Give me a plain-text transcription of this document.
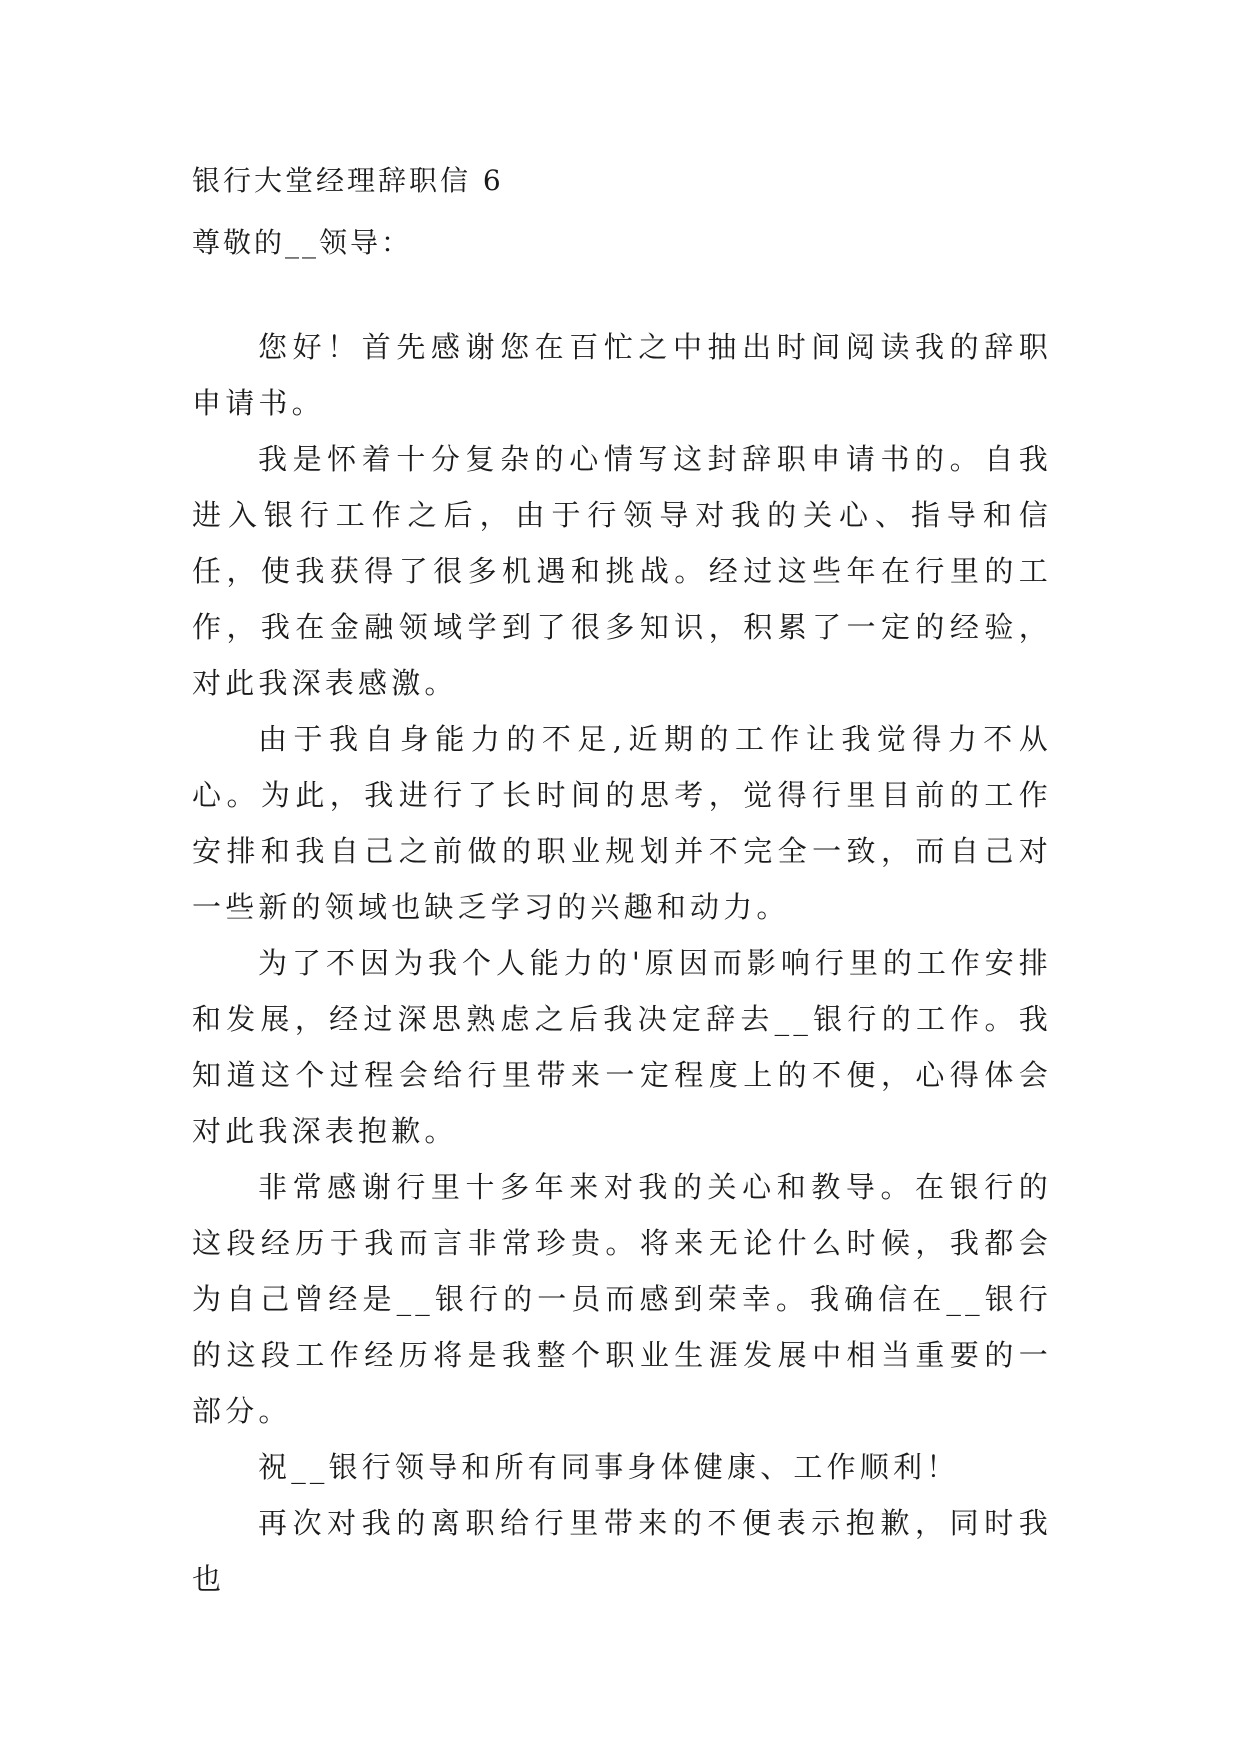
银行大堂经理辞职信 6
尊敬的__领导：

您好！首先感谢您在百忙之中抽出时间阅读我的辞职申请书。

我是怀着十分复杂的心情写这封辞职申请书的。自我进入银行工作之后，由于行领导对我的关心、指导和信任，使我获得了很多机遇和挑战。经过这些年在行里的工作，我在金融领域学到了很多知识，积累了一定的经验，对此我深表感激。

由于我自身能力的不足,近期的工作让我觉得力不从心。为此，我进行了长时间的思考，觉得行里目前的工作安排和我自己之前做的职业规划并不完全一致，而自己对一些新的领域也缺乏学习的兴趣和动力。

为了不因为我个人能力的'原因而影响行里的工作安排和发展，经过深思熟虑之后我决定辞去__银行的工作。我知道这个过程会给行里带来一定程度上的不便，心得体会对此我深表抱歉。

非常感谢行里十多年来对我的关心和教导。在银行的这段经历于我而言非常珍贵。将来无论什么时候，我都会为自己曾经是__银行的一员而感到荣幸。我确信在__银行的这段工作经历将是我整个职业生涯发展中相当重要的一部分。

祝__银行领导和所有同事身体健康、工作顺利！

再次对我的离职给行里带来的不便表示抱歉，同时我也
